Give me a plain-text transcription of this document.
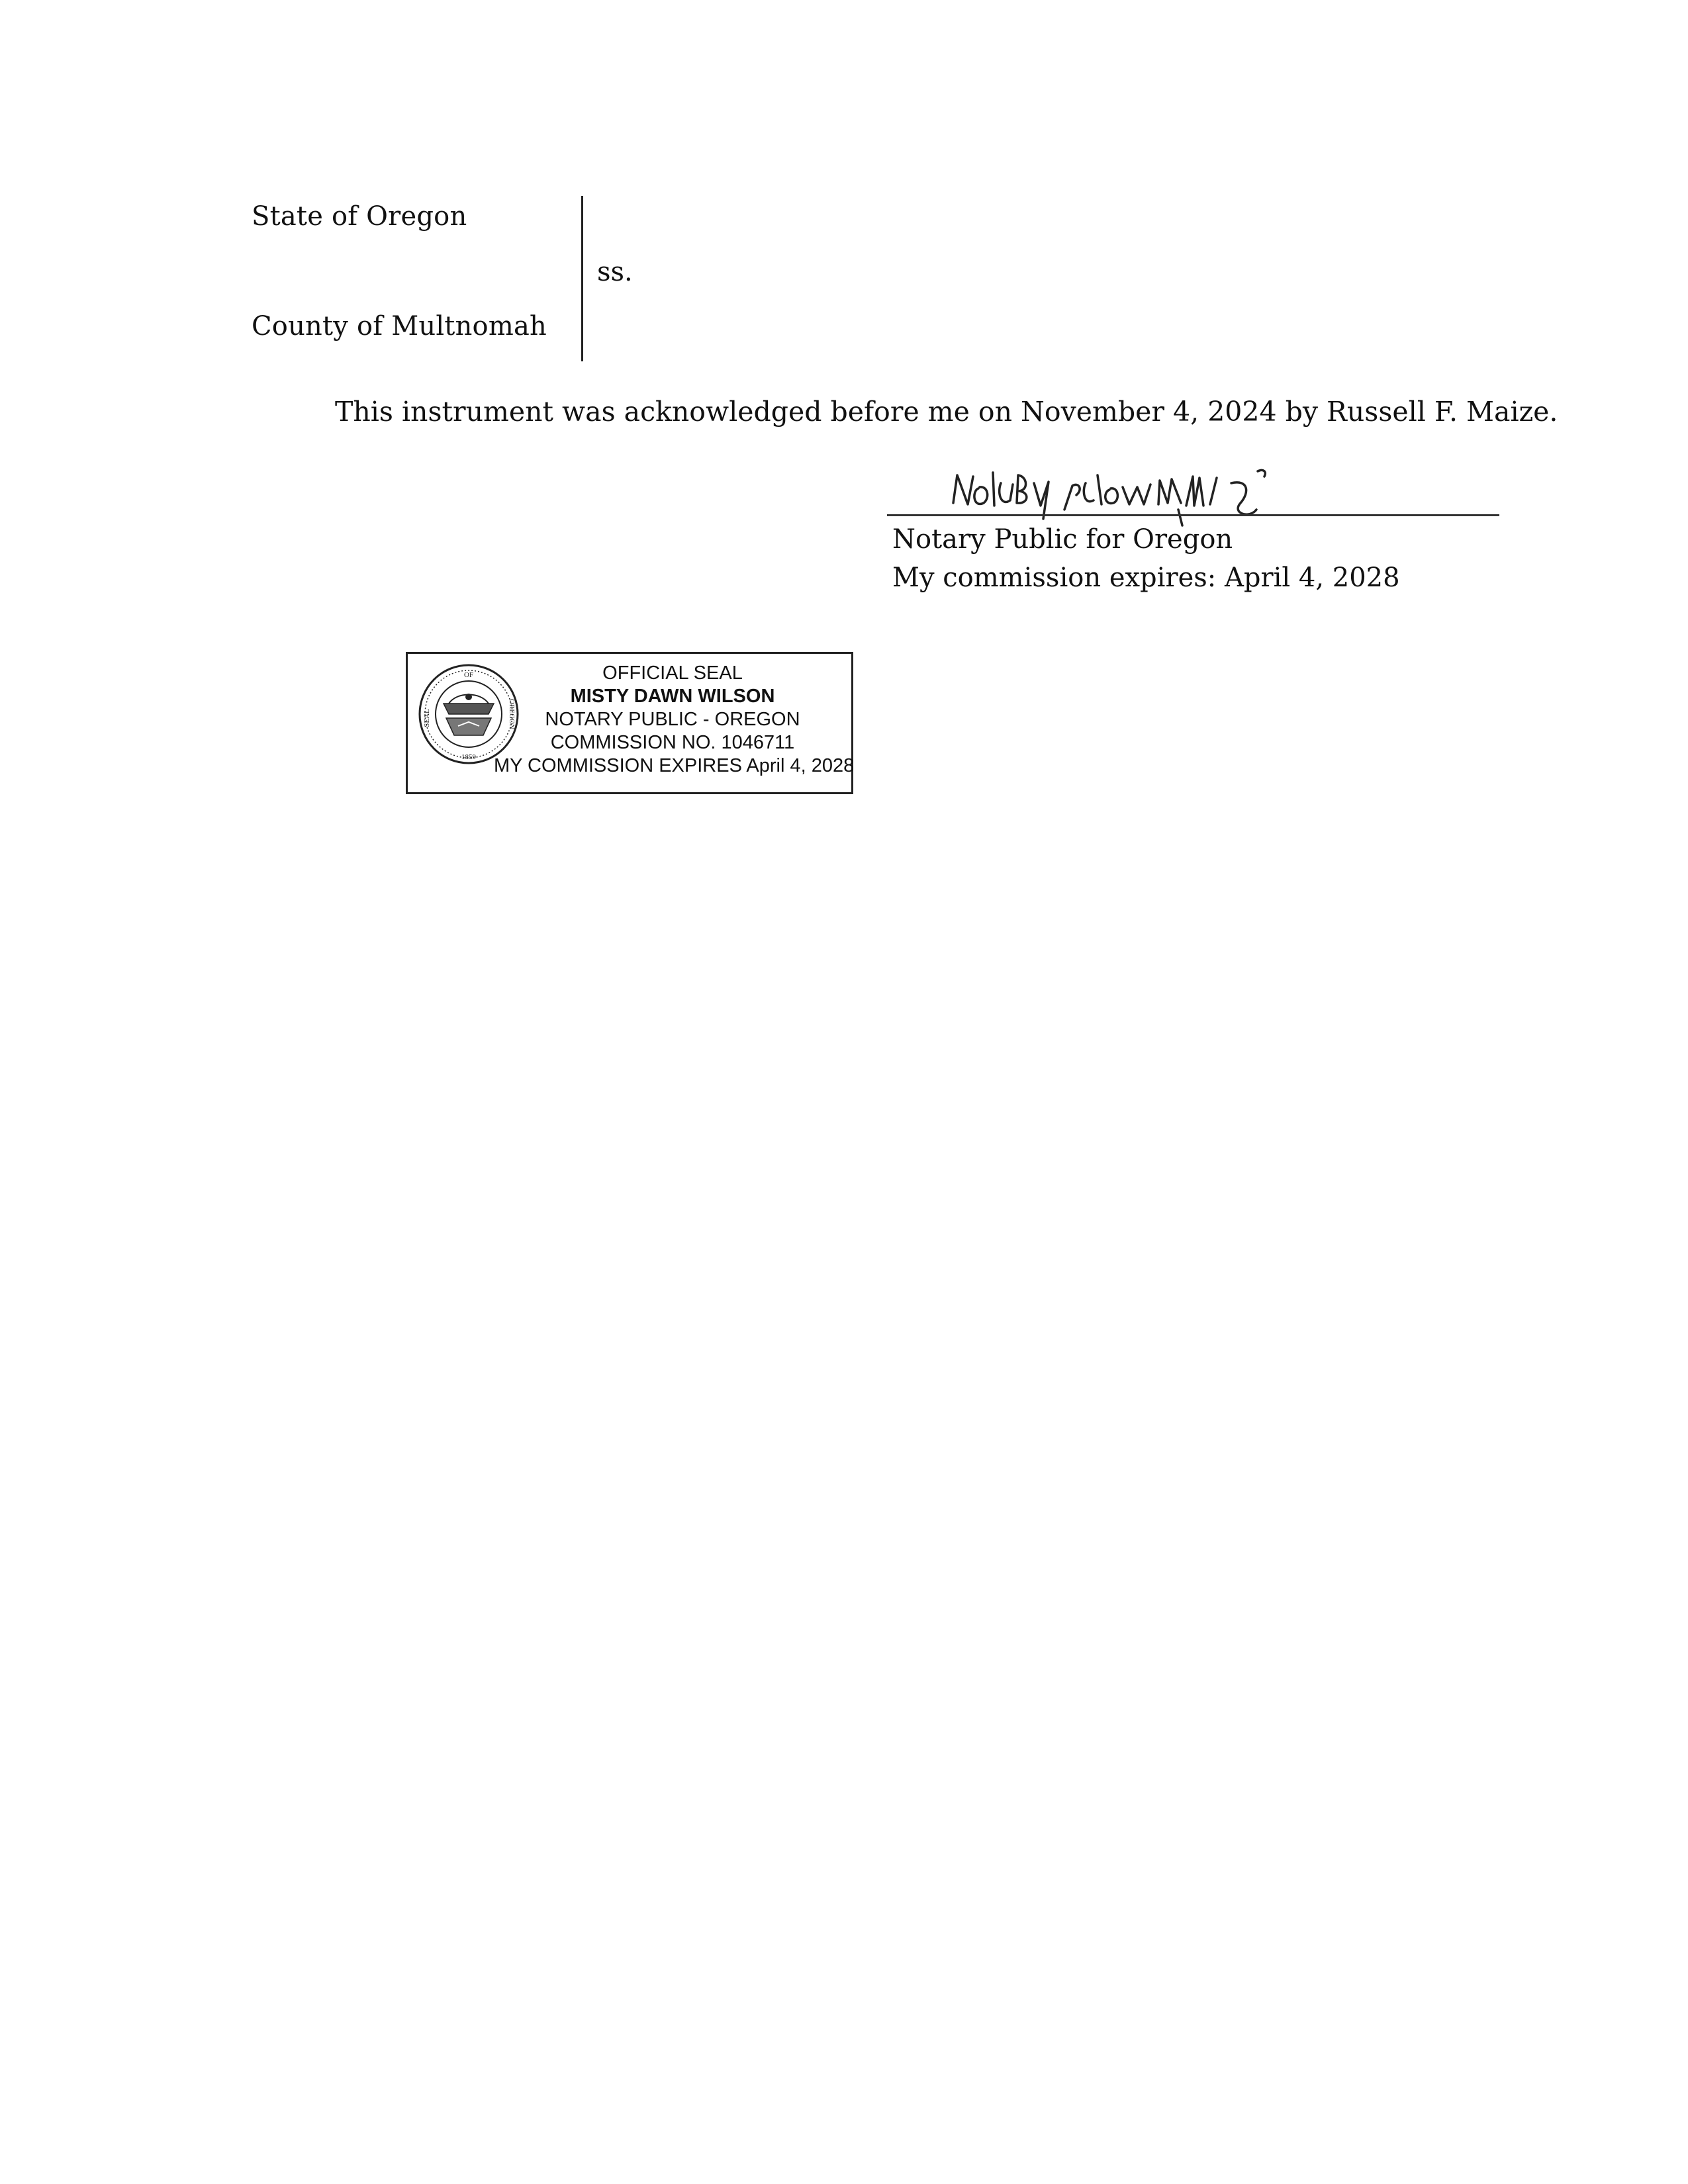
State of Oregon
County of Multnomah
ss.
This instrument was acknowledged before me on November 4, 2024 by Russell F. Maize.
Notary Public for Oregon
My commission expires: April 4, 2028
OF
SEAL	OREGON
1859
OFFICIAL SEAL
MISTY DAWN WILSON
NOTARY PUBLIC - OREGON
COMMISSION NO. 1046711
MY COMMISSION EXPIRES April 4, 2028
